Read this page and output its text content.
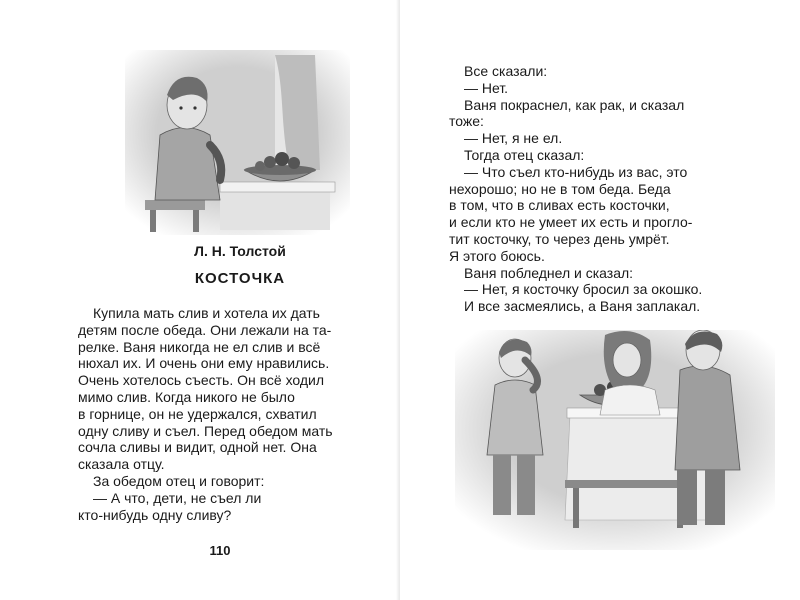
Л. Н. Толстой
КОСТОЧКА
Купила мать слив и хотела их дать
детям после обеда. Они лежали на та-
релке. Ваня никогда не ел слив и всё
нюхал их. И очень они ему нравились.
Очень хотелось съесть. Он всё ходил
мимо слив. Когда никого не было
в горнице, он не удержался, схватил
одну сливу и съел. Перед обедом мать
сочла сливы и видит, одной нет. Она
сказала отцу.
За обедом отец и говорит:
— А что, дети, не съел ли
кто-нибудь одну сливу?
110
Все сказали:
— Нет.
Ваня покраснел, как рак, и сказал
тоже:
— Нет, я не ел.
Тогда отец сказал:
— Что съел кто-нибудь из вас, это
нехорошо; но не в том беда. Беда
в том, что в сливах есть косточки,
и если кто не умеет их есть и прогло-
тит косточку, то через день умрёт.
Я этого боюсь.
Ваня побледнел и сказал:
— Нет, я косточку бросил за окошко.
И все засмеялись, а Ваня заплакал.
